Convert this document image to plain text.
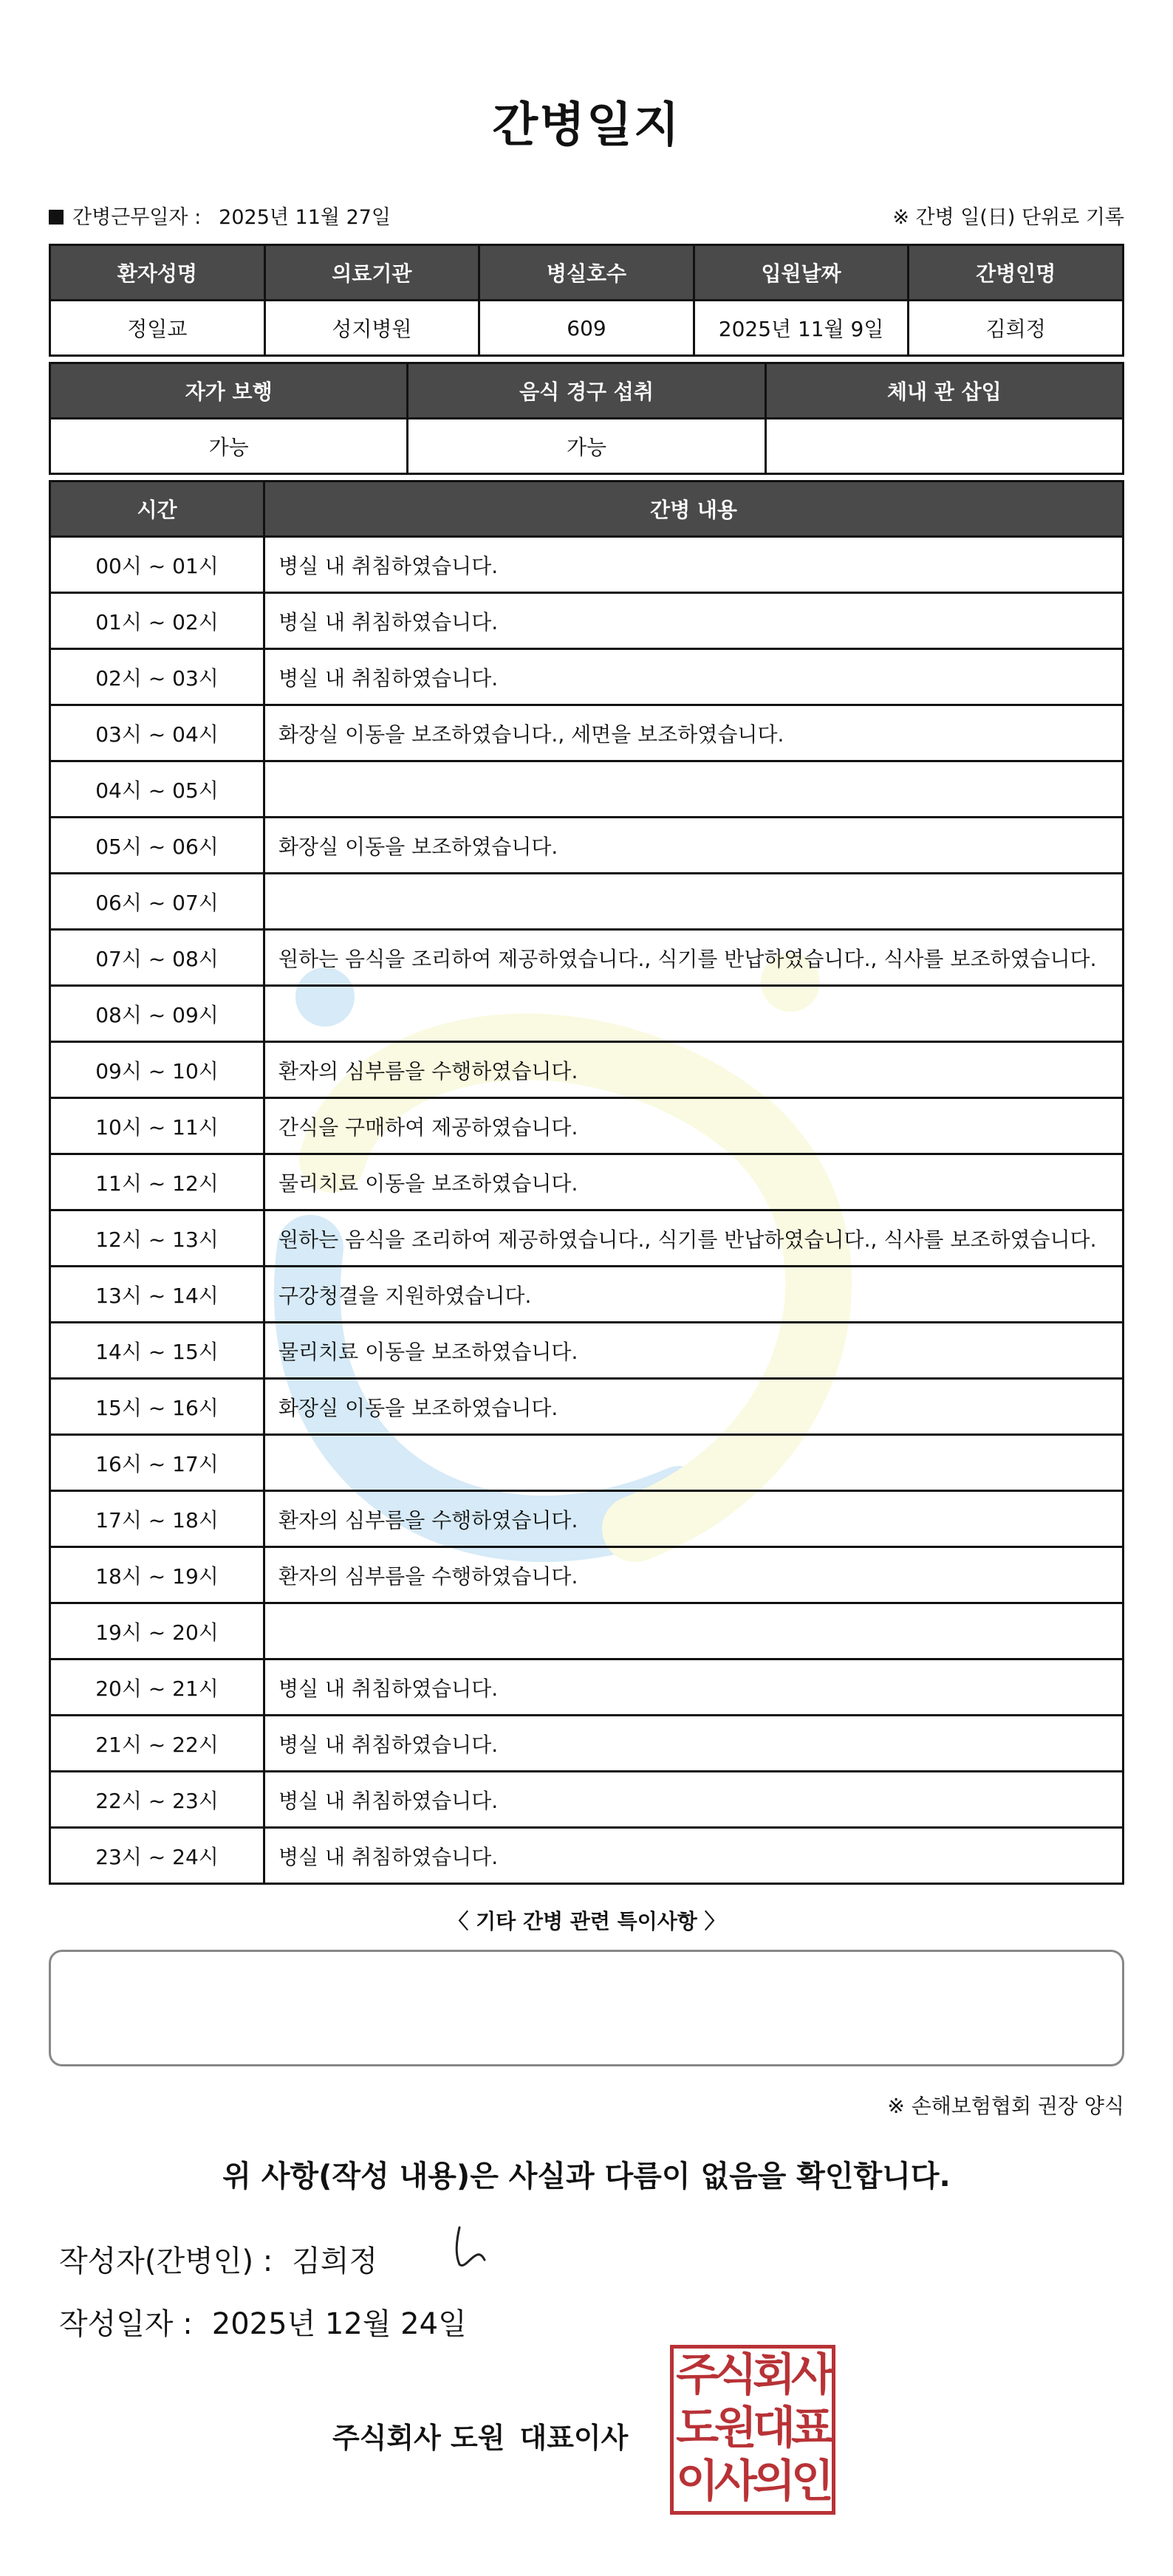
간병일지
간병근무일자 : 2025년 11월 27일	※ 간병 일(日) 단위로 기록
환자성명	의료기관	병실호수	입원날짜	간병인명
정일교	성지병원	609	2025년 11월 9일	김희정
자가 보행	음식 경구 섭취	체내 관 삽입
가능	가능	
시간	간병 내용
00시 ~ 01시	병실 내 취침하였습니다.
01시 ~ 02시	병실 내 취침하였습니다.
02시 ~ 03시	병실 내 취침하였습니다.
03시 ~ 04시	화장실 이동을 보조하였습니다., 세면을 보조하였습니다.
04시 ~ 05시	
05시 ~ 06시	화장실 이동을 보조하였습니다.
06시 ~ 07시	
07시 ~ 08시	원하는 음식을 조리하여 제공하였습니다., 식기를 반납하였습니다., 식사를 보조하였습니다.
08시 ~ 09시	
09시 ~ 10시	환자의 심부름을 수행하였습니다.
10시 ~ 11시	간식을 구매하여 제공하였습니다.
11시 ~ 12시	물리치료 이동을 보조하였습니다.
12시 ~ 13시	원하는 음식을 조리하여 제공하였습니다., 식기를 반납하였습니다., 식사를 보조하였습니다.
13시 ~ 14시	구강청결을 지원하였습니다.
14시 ~ 15시	물리치료 이동을 보조하였습니다.
15시 ~ 16시	화장실 이동을 보조하였습니다.
16시 ~ 17시	
17시 ~ 18시	환자의 심부름을 수행하였습니다.
18시 ~ 19시	환자의 심부름을 수행하였습니다.
19시 ~ 20시	
20시 ~ 21시	병실 내 취침하였습니다.
21시 ~ 22시	병실 내 취침하였습니다.
22시 ~ 23시	병실 내 취침하였습니다.
23시 ~ 24시	병실 내 취침하였습니다.
〈 기타 간병 관련 특이사항 〉
※ 손해보험협회 권장 양식
위 사항(작성 내용)은 사실과 다름이 없음을 확인합니다.
작성자(간병인) : 김희정
작성일자 : 2025년 12월 24일
주식회사 도원 대표이사
주식회사
도원대표
이사의인
